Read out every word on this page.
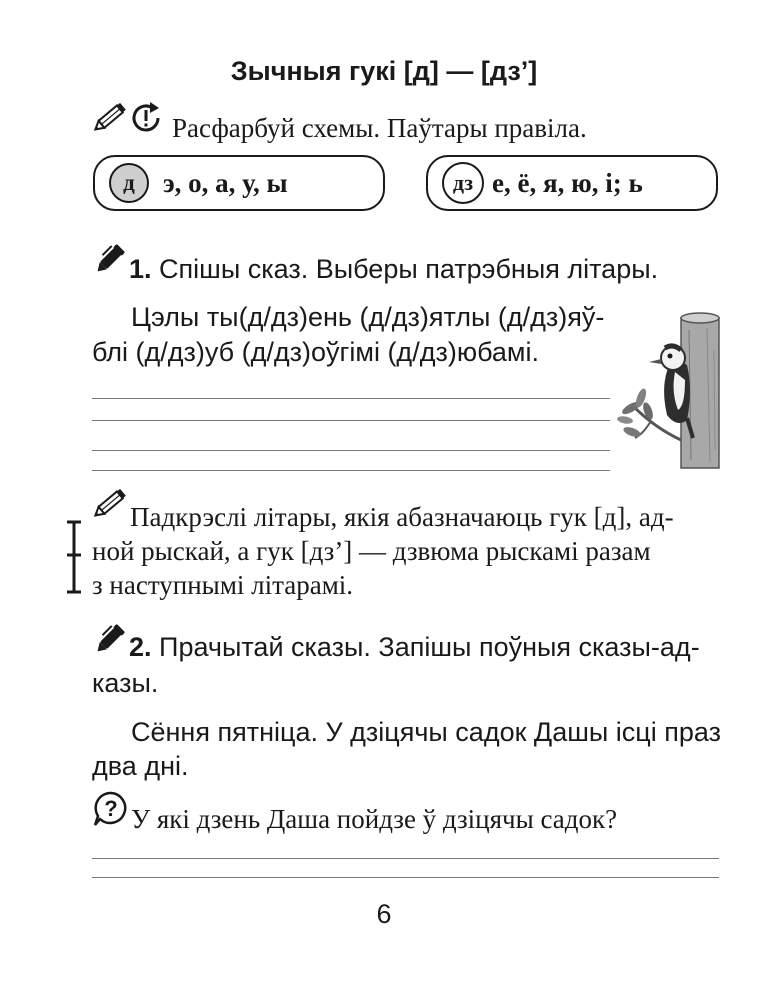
Зычныя гукі [д] — [дз’]
Расфарбуй схемы. Паўтары правіла.
д	э, о, а, у, ы	дз е, ё, я, ю, і; ь
1. Спішы сказ. Выберы патрэбныя літары.
Цэлы ты(д/дз)ень (д/дз)ятлы (д/дз)яў-
блі (д/дз)уб (д/дз)оўгімі (д/дз)юбамі.
Падкрэслі літары, якія абазначаюць гук [д], ад-
ной рыскай, а гук [дз’] — дзвюма рыскамі разам
з наступнымі літарамі.
2. Прачытай сказы. Запішы поўныя сказы-ад-
казы.
Сёння пятніца. У дзіцячы садок Дашы ісці праз
два дні.
? У які дзень Даша пойдзе ў дзіцячы садок?
6
